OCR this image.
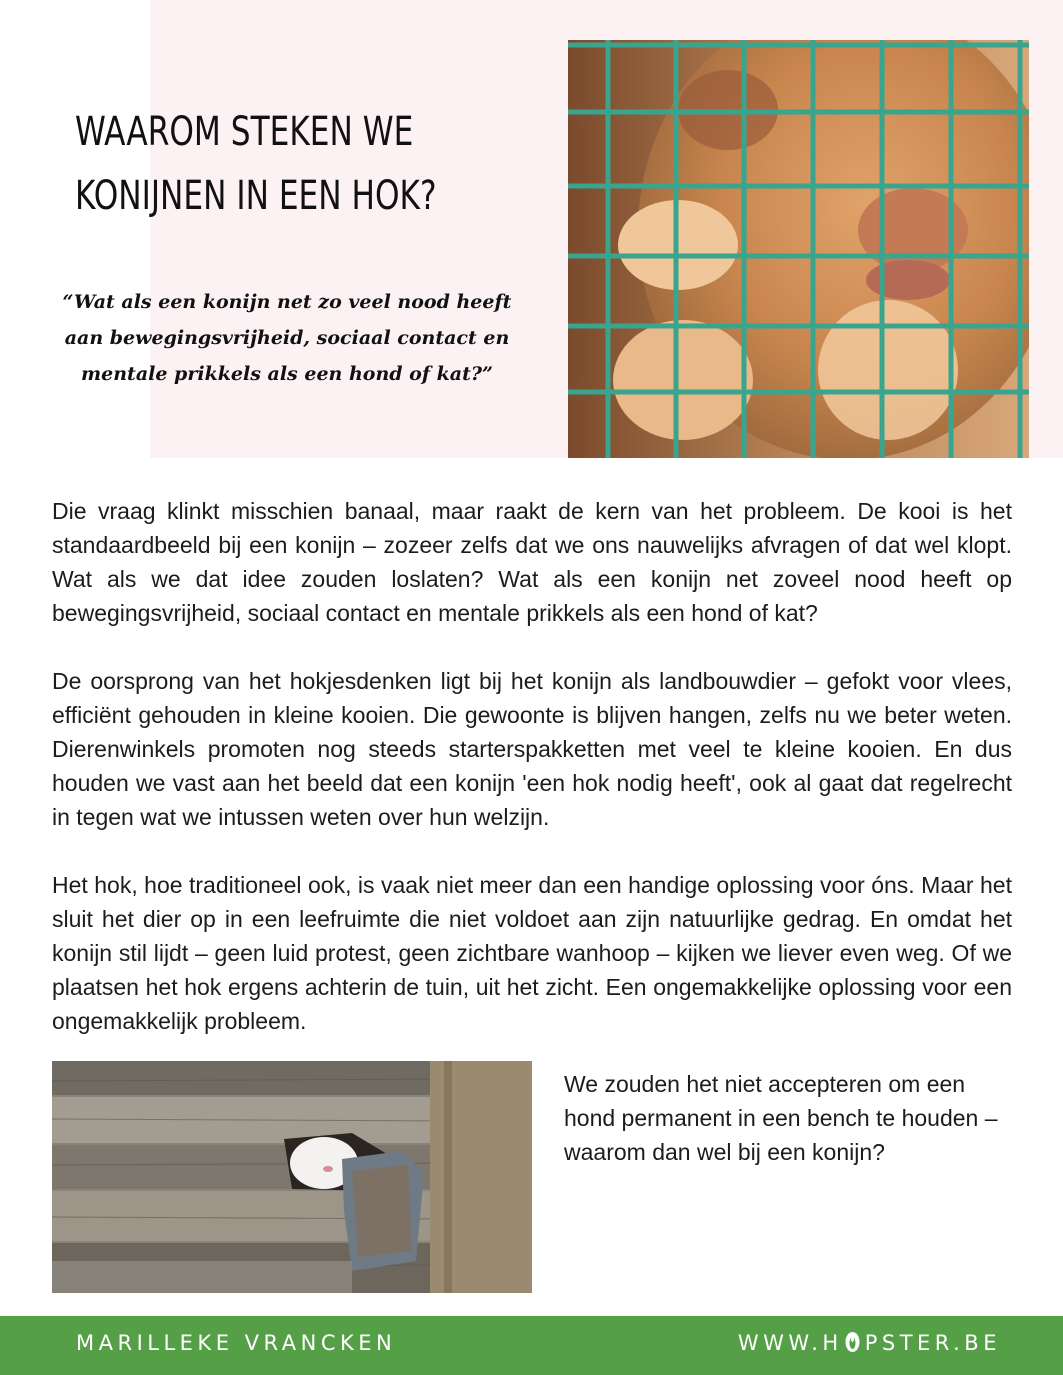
WAAROM STEKEN WE
KONIJNEN IN EEN HOK?

“Wat als een konijn net zo veel nood heeft aan bewegingsvrijheid, sociaal contact en mentale prikkels als een hond of kat?”

Die vraag klinkt misschien banaal, maar raakt de kern van het probleem. De kooi is het standaardbeeld bij een konijn – zozeer zelfs dat we ons nauwelijks afvragen of dat wel klopt. Wat als we dat idee zouden loslaten? Wat als een konijn net zoveel nood heeft op bewegingsvrijheid, sociaal contact en mentale prikkels als een hond of kat?

De oorsprong van het hokjesdenken ligt bij het konijn als landbouwdier – gefokt voor vlees, efficiënt gehouden in kleine kooien. Die gewoonte is blijven hangen, zelfs nu we beter weten. Dierenwinkels promoten nog steeds starterspakketten met veel te kleine kooien. En dus houden we vast aan het beeld dat een konijn 'een hok nodig heeft', ook al gaat dat regelrecht in tegen wat we intussen weten over hun welzijn.

Het hok, hoe traditioneel ook, is vaak niet meer dan een handige oplossing voor óns. Maar het sluit het dier op in een leefruimte die niet voldoet aan zijn natuurlijke gedrag. En omdat het konijn stil lijdt – geen luid protest, geen zichtbare wanhoop – kijken we liever even weg. Of we plaatsen het hok ergens achterin de tuin, uit het zicht. Een ongemakkelijke oplossing voor een ongemakkelijk probleem.

We zouden het niet accepteren om een hond permanent in een bench te houden – waarom dan wel bij een konijn?

MARILLEKE VRANCKEN	WWW.H PSTER.BE
